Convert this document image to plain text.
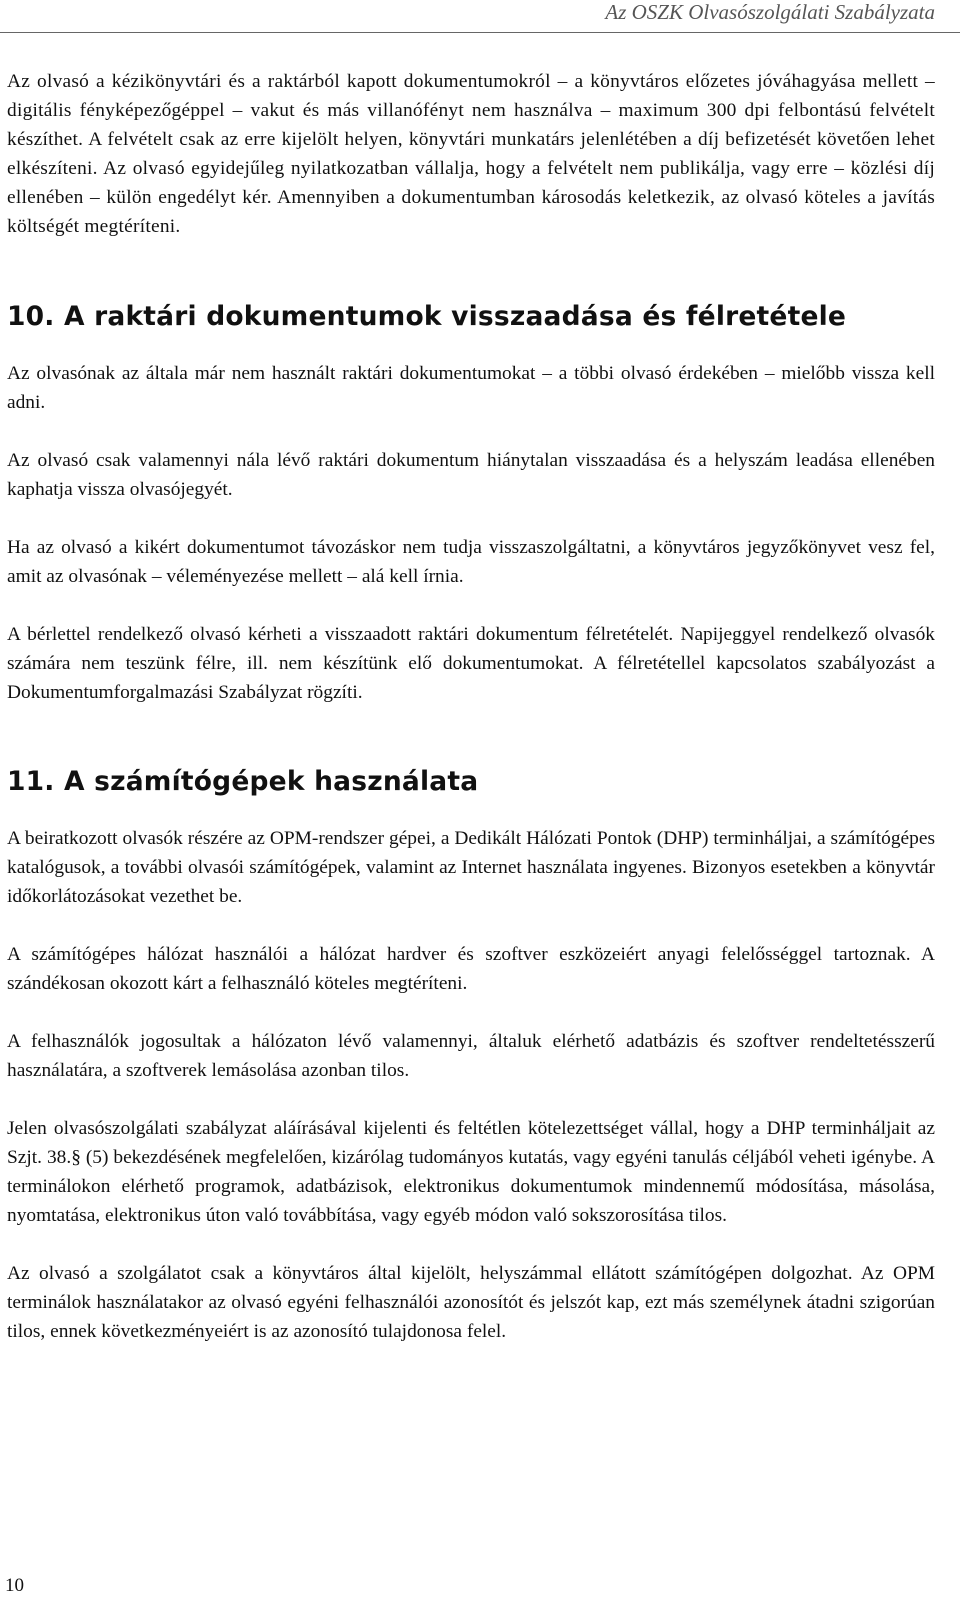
Az OSZK Olvasószolgálati Szabályzata

Az olvasó a kézikönyvtári és a raktárból kapott dokumentumokról – a könyvtáros előzetes jóváhagyása mellett – digitális fényképezőgéppel – vakut és más villanófényt nem használva – maximum 300 dpi felbontású felvételt készíthet. A felvételt csak az erre kijelölt helyen, könyvtári munkatárs jelenlétében a díj befizetését követően lehet elkészíteni. Az olvasó egyidejűleg nyilatkozatban vállalja, hogy a felvételt nem publikálja, vagy erre – közlési díj ellenében – külön engedélyt kér. Amennyiben a dokumentumban károsodás keletkezik, az olvasó köteles a javítás költségét megtéríteni.

10. A raktári dokumentumok visszaadása és félretétele

Az olvasónak az általa már nem használt raktári dokumentumokat – a többi olvasó érdekében – mielőbb vissza kell adni.

Az olvasó csak valamennyi nála lévő raktári dokumentum hiánytalan visszaadása és a helyszám leadása ellenében kaphatja vissza olvasójegyét.

Ha az olvasó a kikért dokumentumot távozáskor nem tudja visszaszolgáltatni, a könyvtáros jegyzőkönyvet vesz fel, amit az olvasónak – véleményezése mellett – alá kell írnia.

A bérlettel rendelkező olvasó kérheti a visszaadott raktári dokumentum félretételét. Napijeggyel rendelkező olvasók számára nem teszünk félre, ill. nem készítünk elő dokumentumokat. A félretétellel kapcsolatos szabályozást a Dokumentumforgalmazási Szabályzat rögzíti.

11. A számítógépek használata

A beiratkozott olvasók részére az OPM-rendszer gépei, a Dedikált Hálózati Pontok (DHP) terminháljai, a számítógépes katalógusok, a további olvasói számítógépek, valamint az Internet használata ingyenes. Bizonyos esetekben a könyvtár időkorlátozásokat vezethet be.

A számítógépes hálózat használói a hálózat hardver és szoftver eszközeiért anyagi felelősséggel tartoznak. A szándékosan okozott kárt a felhasználó köteles megtéríteni.

A felhasználók jogosultak a hálózaton lévő valamennyi, általuk elérhető adatbázis és szoftver rendeltetésszerű használatára, a szoftverek lemásolása azonban tilos.

Jelen olvasószolgálati szabályzat aláírásával kijelenti és feltétlen kötelezettséget vállal, hogy a DHP terminháljait az Szjt. 38.§ (5) bekezdésének megfelelően, kizárólag tudományos kutatás, vagy egyéni tanulás céljából veheti igénybe. A terminálokon elérhető programok, adatbázisok, elektronikus dokumentumok mindennemű módosítása, másolása, nyomtatása, elektronikus úton való továbbítása, vagy egyéb módon való sokszorosítása tilos.

Az olvasó a szolgálatot csak a könyvtáros által kijelölt, helyszámmal ellátott számítógépen dolgozhat. Az OPM terminálok használatakor az olvasó egyéni felhasználói azonosítót és jelszót kap, ezt más személynek átadni szigorúan tilos, ennek következményeiért is az azonosító tulajdonosa felel.

10
